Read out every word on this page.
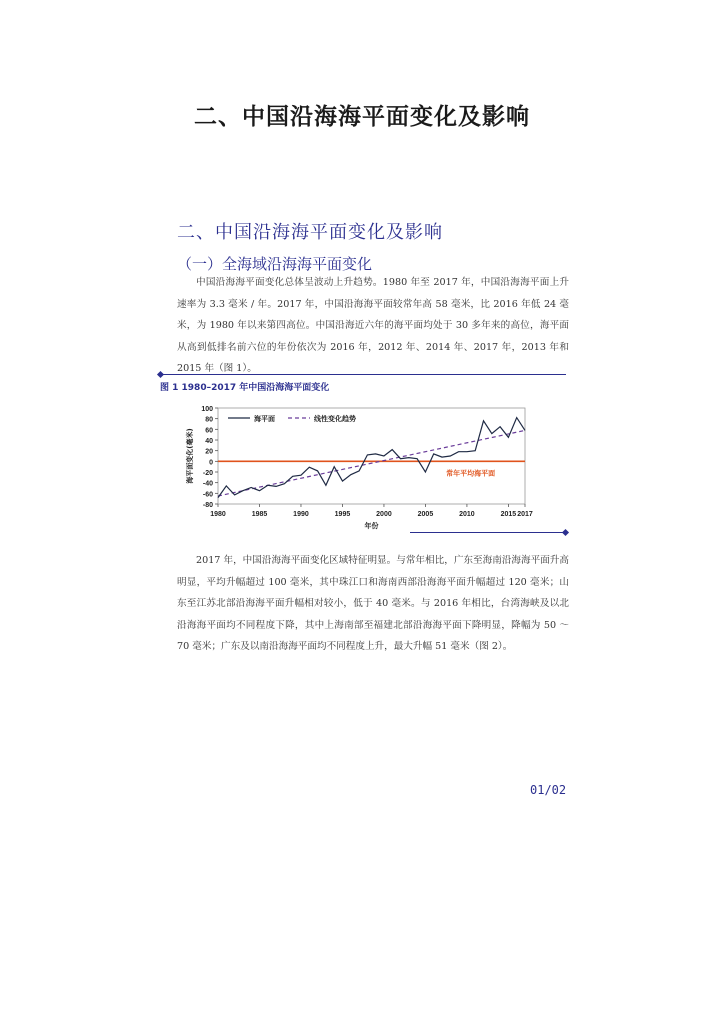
二、中国沿海海平面变化及影响
二、中国沿海海平面变化及影响
（一）全海域沿海海平面变化

中国沿海海平面变化总体呈波动上升趋势。1980 年至 2017 年，中国沿海海平面上升速率为 3.3 毫米 / 年。2017 年，中国沿海海平面较常年高 58 毫米，比 2016 年低 24 毫米，为 1980 年以来第四高位。中国沿海近六年的海平面均处于 30 多年来的高位，海平面从高到低排名前六位的年份依次为 2016 年，2012 年、2014 年、2017 年，2013 年和 2015 年（图 1）。

图 1 1980–2017 年中国沿海海平面变化
100
80
60
40
20
0
-20
-40
-60
-80
1980	1985	1990	1995	2000	2005	2010	2015 2017
常年平均海平面
海平面	线性变化趋势
年份
海平面变化(毫米)

2017 年，中国沿海海平面变化区域特征明显。与常年相比，广东至海南沿海海平面升高明显，平均升幅超过 100 毫米，其中珠江口和海南西部沿海海平面升幅超过 120 毫米；山东至江苏北部沿海海平面升幅相对较小，低于 40 毫米。与 2016 年相比，台湾海峡及以北沿海海平面均不同程度下降，其中上海南部至福建北部沿海海平面下降明显，降幅为 50 ～ 70 毫米；广东及以南沿海海平面均不同程度上升，最大升幅 51 毫米（图 2）。

01/02
